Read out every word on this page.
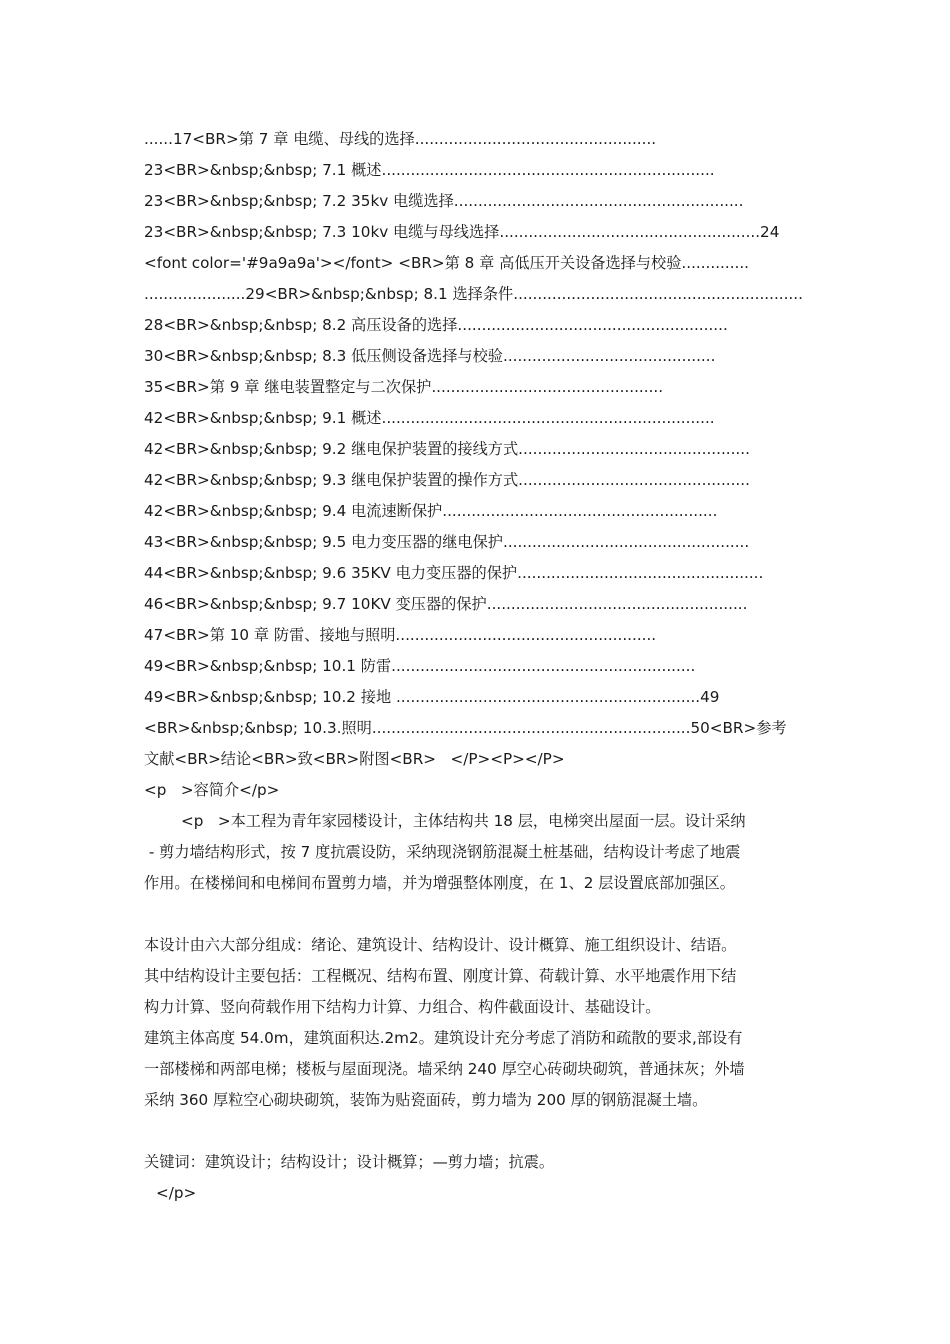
......17<BR>第 7 章 电缆、母线的选择..................................................
23<BR>&nbsp;&nbsp; 7.1 概述.....................................................................
23<BR>&nbsp;&nbsp; 7.2 35kv 电缆选择............................................................
23<BR>&nbsp;&nbsp; 7.3 10kv 电缆与母线选择......................................................24
<font color='#9a9a9a'></font> <BR>第 8 章 高低压开关设备选择与校验..............
.....................29<BR>&nbsp;&nbsp; 8.1 选择条件............................................................
28<BR>&nbsp;&nbsp; 8.2 高压设备的选择........................................................
30<BR>&nbsp;&nbsp; 8.3 低压侧设备选择与校验............................................
35<BR>第 9 章 继电装置整定与二次保护................................................
42<BR>&nbsp;&nbsp; 9.1 概述.....................................................................
42<BR>&nbsp;&nbsp; 9.2 继电保护装置的接线方式................................................
42<BR>&nbsp;&nbsp; 9.3 继电保护装置的操作方式................................................
42<BR>&nbsp;&nbsp; 9.4 电流速断保护.........................................................
43<BR>&nbsp;&nbsp; 9.5 电力变压器的继电保护...................................................
44<BR>&nbsp;&nbsp; 9.6 35KV 电力变压器的保护...................................................
46<BR>&nbsp;&nbsp; 9.7 10KV 变压器的保护......................................................
47<BR>第 10 章 防雷、接地与照明......................................................
49<BR>&nbsp;&nbsp; 10.1 防雷...............................................................
49<BR>&nbsp;&nbsp; 10.2 接地 ...............................................................49
<BR>&nbsp;&nbsp; 10.3.照明..................................................................50<BR>参考
文献<BR>结论<BR>致<BR>附图<BR>   </P><P></P>
<p   >容简介</p>
<p   >本工程为青年家园楼设计，主体结构共 18 层，电梯突出屋面一层。设计采纳
- 剪力墙结构形式，按 7 度抗震设防，采纳现浇钢筋混凝土桩基础，结构设计考虑了地震
作用。在楼梯间和电梯间布置剪力墙，并为增强整体刚度，在 1、2 层设置底部加强区。
本设计由六大部分组成：绪论、建筑设计、结构设计、设计概算、施工组织设计、结语。
其中结构设计主要包括：工程概况、结构布置、刚度计算、荷载计算、水平地震作用下结
构力计算、竖向荷载作用下结构力计算、力组合、构件截面设计、基础设计。
建筑主体高度 54.0m，建筑面积达.2m2。建筑设计充分考虑了消防和疏散的要求,部设有
一部楼梯和两部电梯；楼板与屋面现浇。墙采纳 240 厚空心砖砌块砌筑，普通抹灰；外墙
采纳 360 厚粒空心砌块砌筑，装饰为贴瓷面砖，剪力墙为 200 厚的钢筋混凝土墙。
关键词：建筑设计；结构设计；设计概算；—剪力墙；抗震。
</p>
